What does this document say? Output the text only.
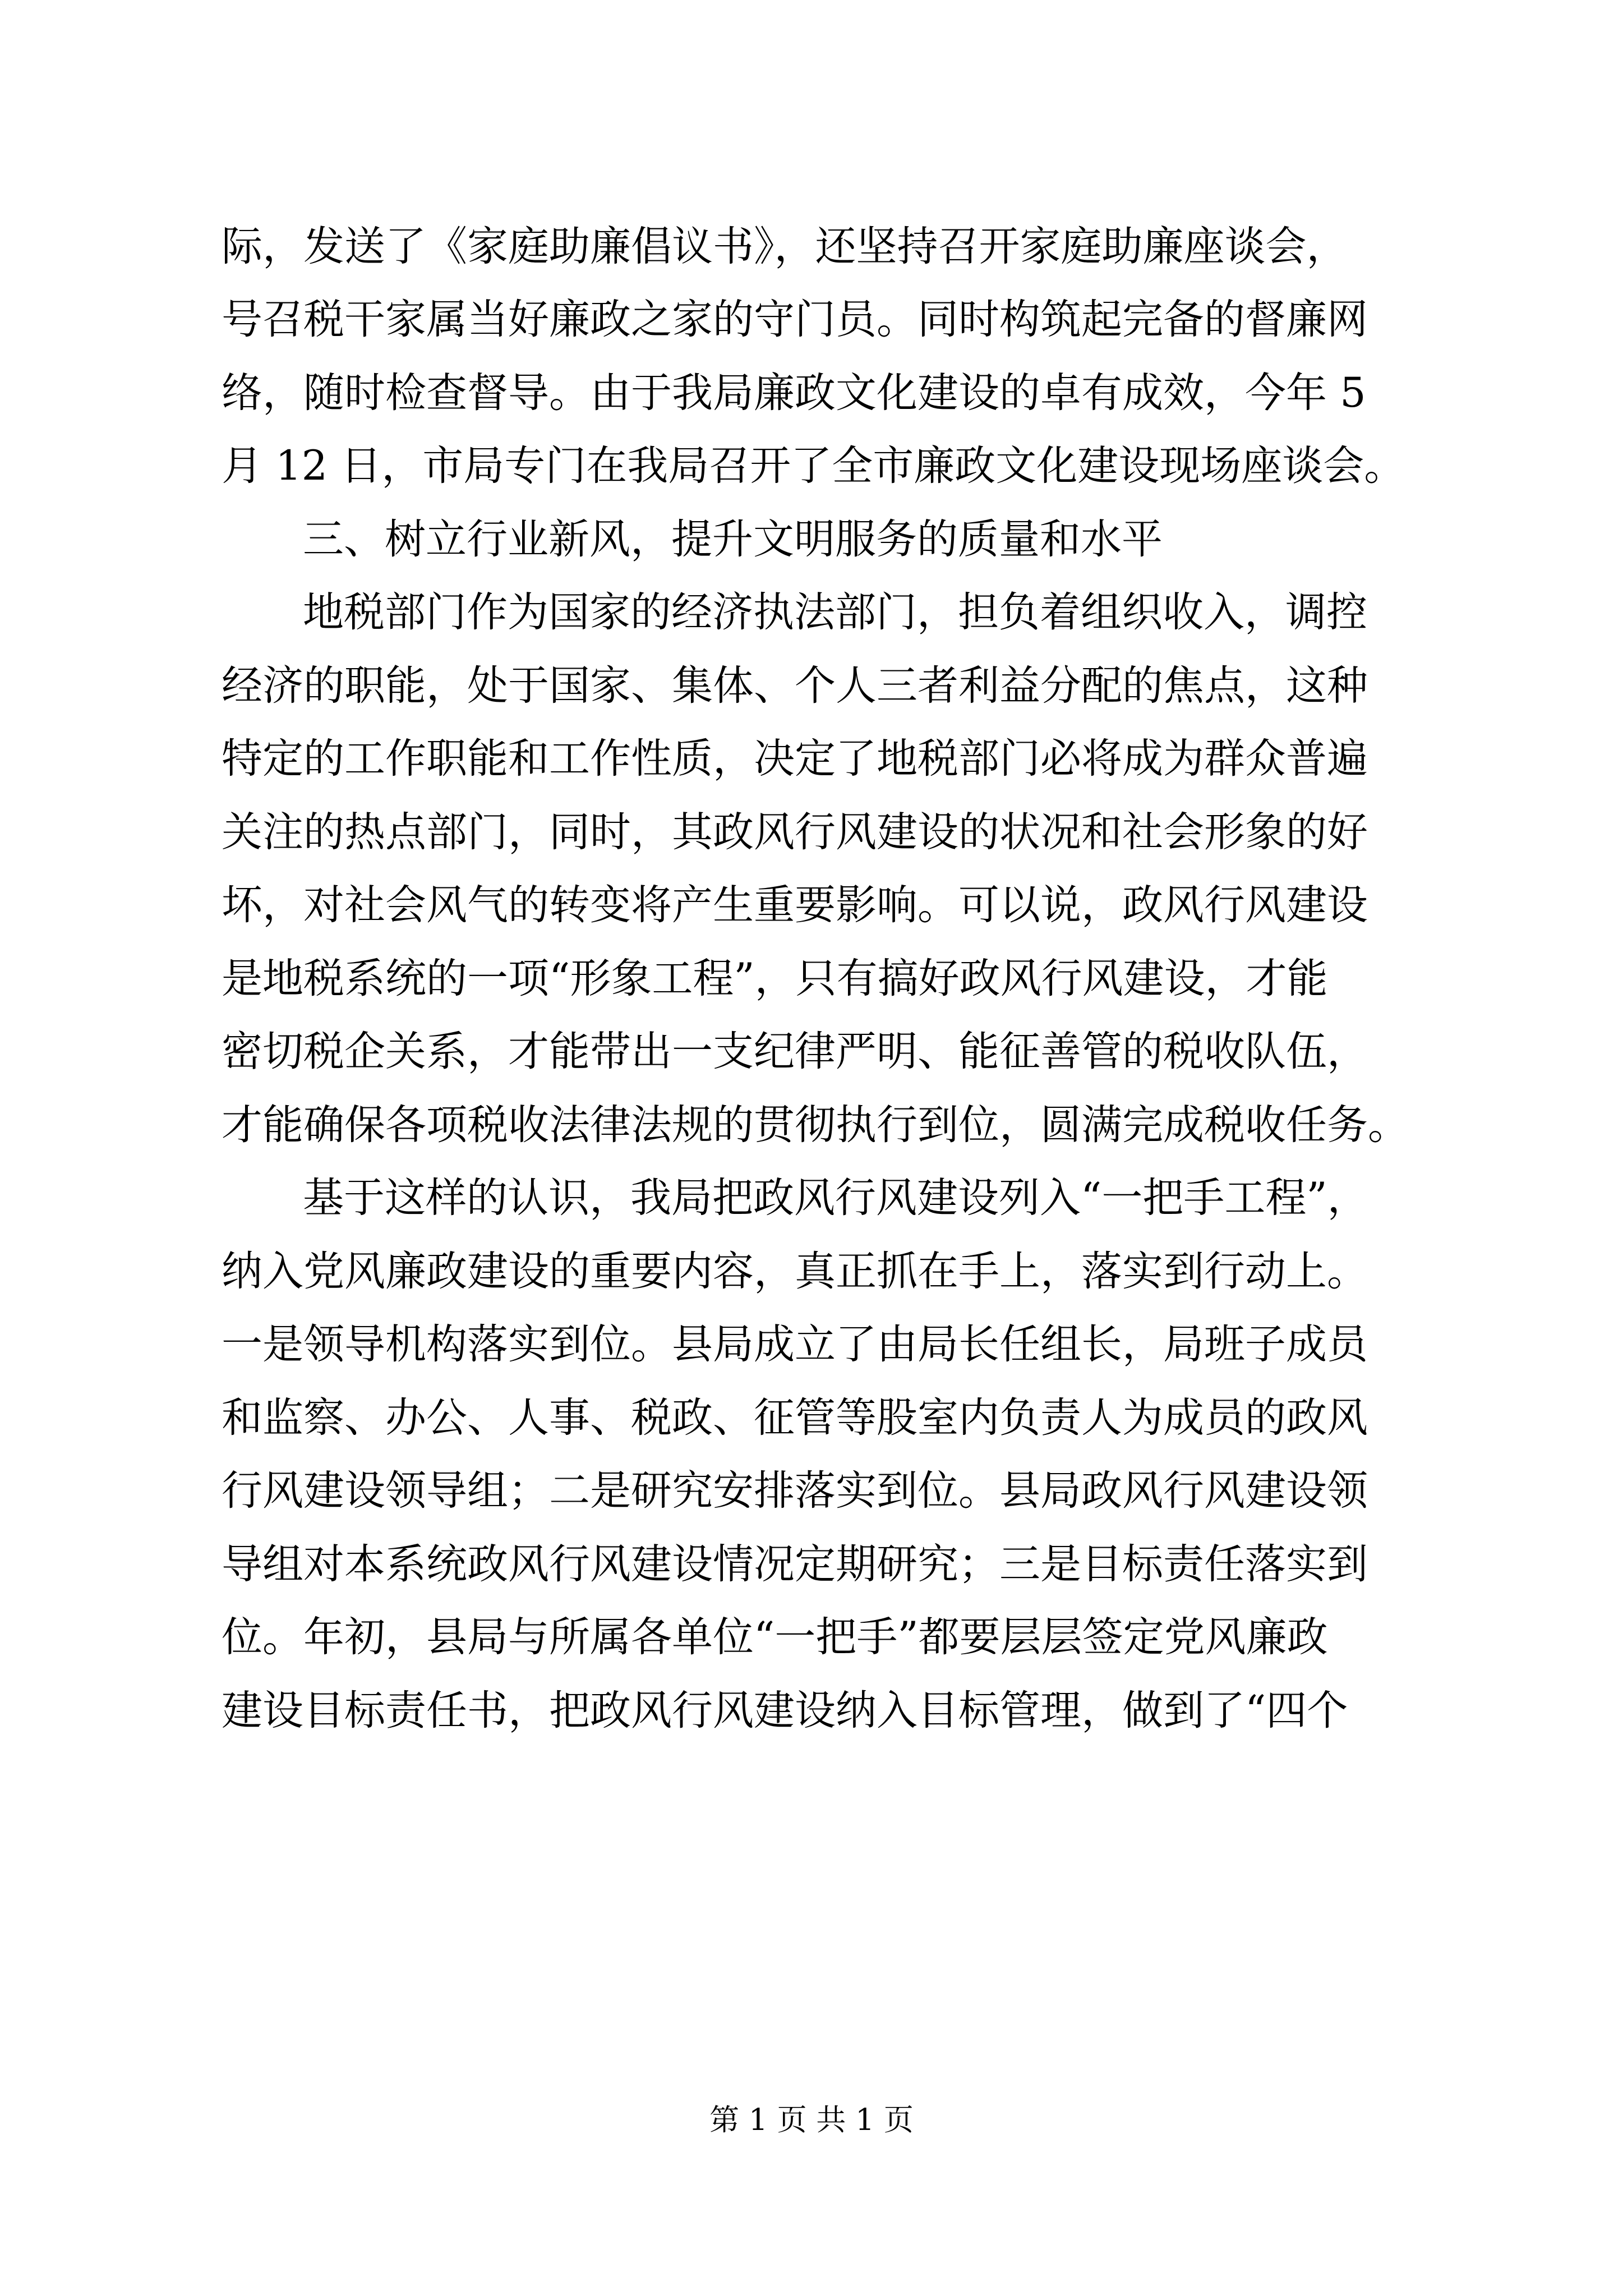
际，发送了《家庭助廉倡议书》，还坚持召开家庭助廉座谈会，
号召税干家属当好廉政之家的守门员。同时构筑起完备的督廉网
络，随时检查督导。由于我局廉政文化建设的卓有成效，今年 5
月 12 日，市局专门在我局召开了全市廉政文化建设现场座谈会。
三、树立行业新风，提升文明服务的质量和水平
地税部门作为国家的经济执法部门，担负着组织收入，调控
经济的职能，处于国家、集体、个人三者利益分配的焦点，这种
特定的工作职能和工作性质，决定了地税部门必将成为群众普遍
关注的热点部门，同时，其政风行风建设的状况和社会形象的好
坏，对社会风气的转变将产生重要影响。可以说，政风行风建设
是地税系统的一项“形象工程”，只有搞好政风行风建设，才能
密切税企关系，才能带出一支纪律严明、能征善管的税收队伍，
才能确保各项税收法律法规的贯彻执行到位，圆满完成税收任务。
基于这样的认识，我局把政风行风建设列入“一把手工程”，
纳入党风廉政建设的重要内容，真正抓在手上，落实到行动上。
一是领导机构落实到位。县局成立了由局长任组长，局班子成员
和监察、办公、人事、税政、征管等股室内负责人为成员的政风
行风建设领导组；二是研究安排落实到位。县局政风行风建设领
导组对本系统政风行风建设情况定期研究；三是目标责任落实到
位。年初，县局与所属各单位“一把手”都要层层签定党风廉政
建设目标责任书，把政风行风建设纳入目标管理，做到了“四个
第 1 页 共 1 页
